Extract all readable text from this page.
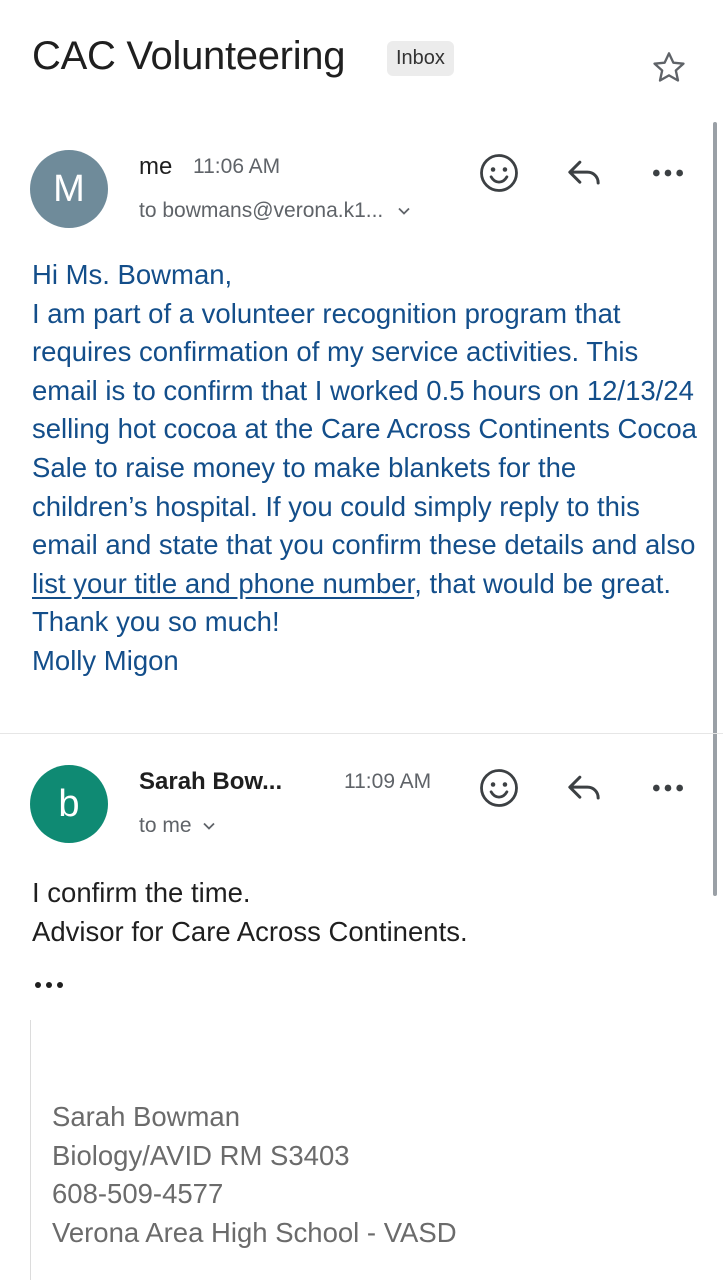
CAC Volunteering	Inbox
M
me 11:06 AM
to bowmans@verona.k1...

Hi Ms. Bowman,

I am part of a volunteer recognition program that requires confirmation of my service activities. This email is to confirm that I worked 0.5 hours on 12/13/24 selling hot cocoa at the Care Across Continents Cocoa Sale to raise money to make blankets for the children’s hospital. If you could simply reply to this email and state that you confirm these details and also list your title and phone number, that would be great. Thank you so much!

Molly Migon

b
Sarah Bow...	11:09 AM
to me

I confirm the time.

Advisor for Care Across Continents.

Sarah Bowman

Biology/AVID RM S3403

608-509-4577

Verona Area High School - VASD
